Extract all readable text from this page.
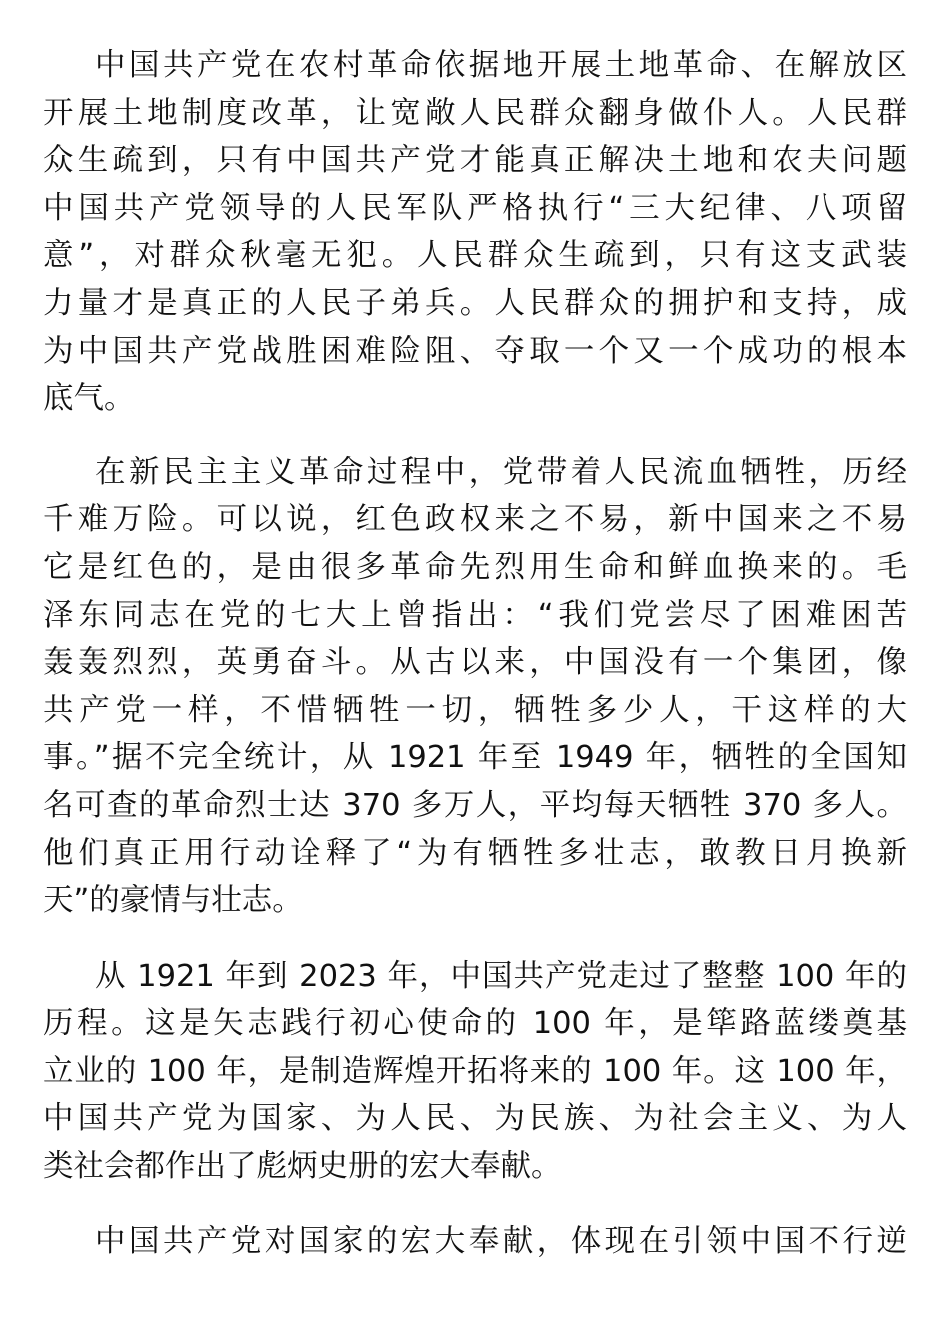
中国共产党在农村革命依据地开展土地革命、在解放区
开展土地制度改革，让宽敞人民群众翻身做仆人。人民群
众生疏到，只有中国共产党才能真正解决土地和农夫问题
中国共产党领导的人民军队严格执行“三大纪律、八项留
意”，对群众秋毫无犯。人民群众生疏到，只有这支武装
力量才是真正的人民子弟兵。人民群众的拥护和支持，成
为中国共产党战胜困难险阻、夺取一个又一个成功的根本
底气。
在新民主主义革命过程中，党带着人民流血牺牲，历经
千难万险。可以说，红色政权来之不易，新中国来之不易
它是红色的，是由很多革命先烈用生命和鲜血换来的。毛
泽东同志在党的七大上曾指出：“我们党尝尽了困难困苦
轰轰烈烈，英勇奋斗。从古以来，中国没有一个集团，像
共产党一样，不惜牺牲一切，牺牲多少人，干这样的大
事。”据不完全统计，从 1921 年至 1949 年，牺牲的全国知
名可查的革命烈士达 370 多万人，平均每天牺牲 370 多人。
他们真正用行动诠释了“为有牺牲多壮志，敢教日月换新
天”的豪情与壮志。
从 1921 年到 2023 年，中国共产党走过了整整 100 年的
历程。这是矢志践行初心使命的 100 年，是筚路蓝缕奠基
立业的 100 年，是制造辉煌开拓将来的 100 年。这 100 年，
中国共产党为国家、为人民、为民族、为社会主义、为人
类社会都作出了彪炳史册的宏大奉献。
中国共产党对国家的宏大奉献，体现在引领中国不行逆
